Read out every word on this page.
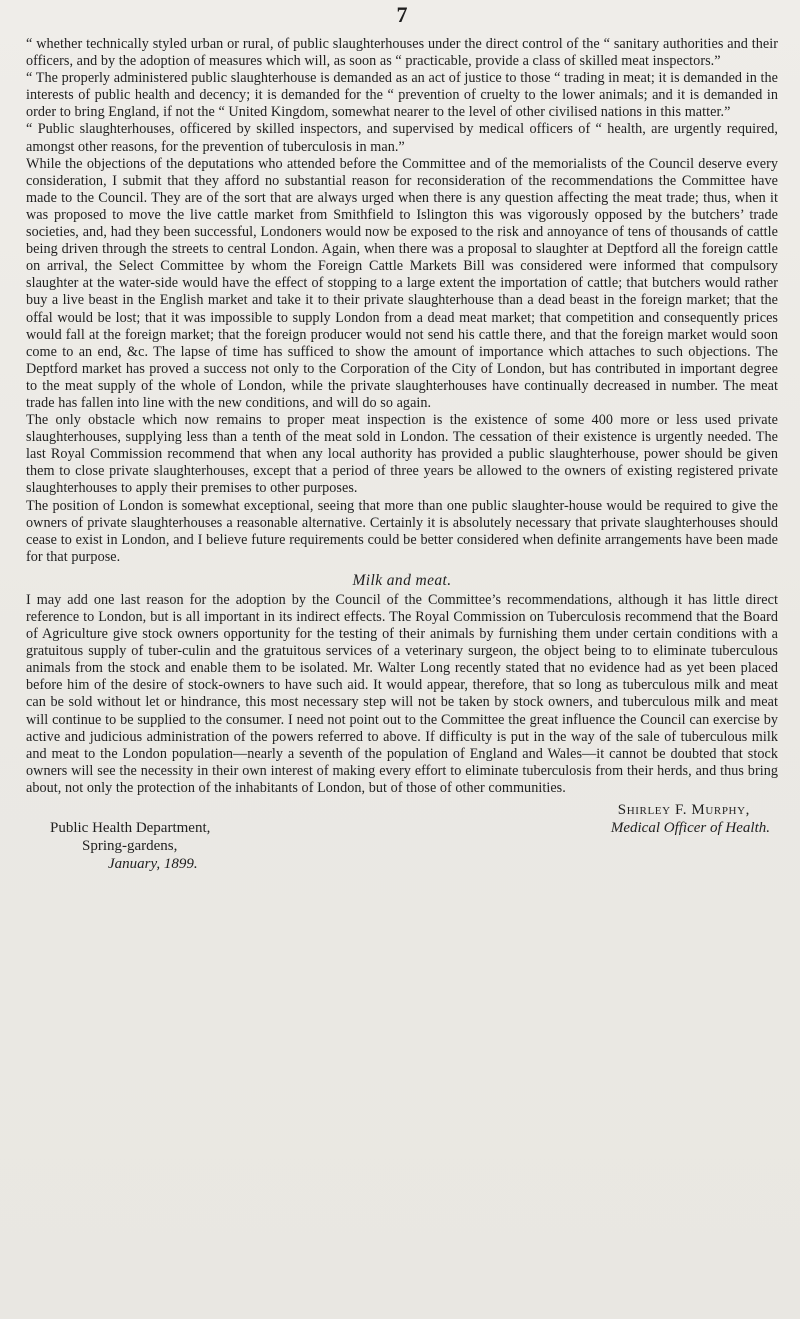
7

“ whether technically styled urban or rural, of public slaughterhouses under the direct control of the “ sanitary authorities and their officers, and by the adoption of measures which will, as soon as “ practicable, provide a class of skilled meat inspectors.”

“ The properly administered public slaughterhouse is demanded as an act of justice to those “ trading in meat; it is demanded in the interests of public health and decency; it is demanded for the “ prevention of cruelty to the lower animals; and it is demanded in order to bring England, if not the “ United Kingdom, somewhat nearer to the level of other civilised nations in this matter.”

“ Public slaughterhouses, officered by skilled inspectors, and supervised by medical officers of “ health, are urgently required, amongst other reasons, for the prevention of tuberculosis in man.”

While the objections of the deputations who attended before the Committee and of the memorialists of the Council deserve every consideration, I submit that they afford no substantial reason for reconsideration of the recommendations the Committee have made to the Council. They are of the sort that are always urged when there is any question affecting the meat trade; thus, when it was proposed to move the live cattle market from Smithfield to Islington this was vigorously opposed by the butchers’ trade societies, and, had they been successful, Londoners would now be exposed to the risk and annoyance of tens of thousands of cattle being driven through the streets to central London. Again, when there was a proposal to slaughter at Deptford all the foreign cattle on arrival, the Select Committee by whom the Foreign Cattle Markets Bill was considered were informed that compulsory slaughter at the water-side would have the effect of stopping to a large extent the importation of cattle; that butchers would rather buy a live beast in the English market and take it to their private slaughterhouse than a dead beast in the foreign market; that the offal would be lost; that it was impossible to supply London from a dead meat market; that competition and consequently prices would fall at the foreign market; that the foreign producer would not send his cattle there, and that the foreign market would soon come to an end, &c. The lapse of time has sufficed to show the amount of importance which attaches to such objections. The Deptford market has proved a success not only to the Corporation of the City of London, but has contributed in important degree to the meat supply of the whole of London, while the private slaughterhouses have continually decreased in number. The meat trade has fallen into line with the new conditions, and will do so again.

The only obstacle which now remains to proper meat inspection is the existence of some 400 more or less used private slaughterhouses, supplying less than a tenth of the meat sold in London. The cessation of their existence is urgently needed. The last Royal Commission recommend that when any local authority has provided a public slaughterhouse, power should be given them to close private slaughterhouses, except that a period of three years be allowed to the owners of existing registered private slaughterhouses to apply their premises to other purposes.

The position of London is somewhat exceptional, seeing that more than one public slaughter-house would be required to give the owners of private slaughterhouses a reasonable alternative. Certainly it is absolutely necessary that private slaughterhouses should cease to exist in London, and I believe future requirements could be better considered when definite arrangements have been made for that purpose.

Milk and meat.

I may add one last reason for the adoption by the Council of the Committee’s recommendations, although it has little direct reference to London, but is all important in its indirect effects. The Royal Commission on Tuberculosis recommend that the Board of Agriculture give stock owners opportunity for the testing of their animals by furnishing them under certain conditions with a gratuitous supply of tuber-culin and the gratuitous services of a veterinary surgeon, the object being to to eliminate tuberculous animals from the stock and enable them to be isolated. Mr. Walter Long recently stated that no evidence had as yet been placed before him of the desire of stock-owners to have such aid. It would appear, therefore, that so long as tuberculous milk and meat can be sold without let or hindrance, this most necessary step will not be taken by stock owners, and tuberculous milk and meat will continue to be supplied to the consumer. I need not point out to the Committee the great influence the Council can exercise by active and judicious administration of the powers referred to above. If difficulty is put in the way of the sale of tuberculous milk and meat to the London population—nearly a seventh of the population of England and Wales—it cannot be doubted that stock owners will see the necessity in their own interest of making every effort to eliminate tuberculosis from their herds, and thus bring about, not only the protection of the inhabitants of London, but of those of other communities.

Shirley F. Murphy,
Public Health Department,	Medical Officer of Health.
Spring-gardens,
January, 1899.
